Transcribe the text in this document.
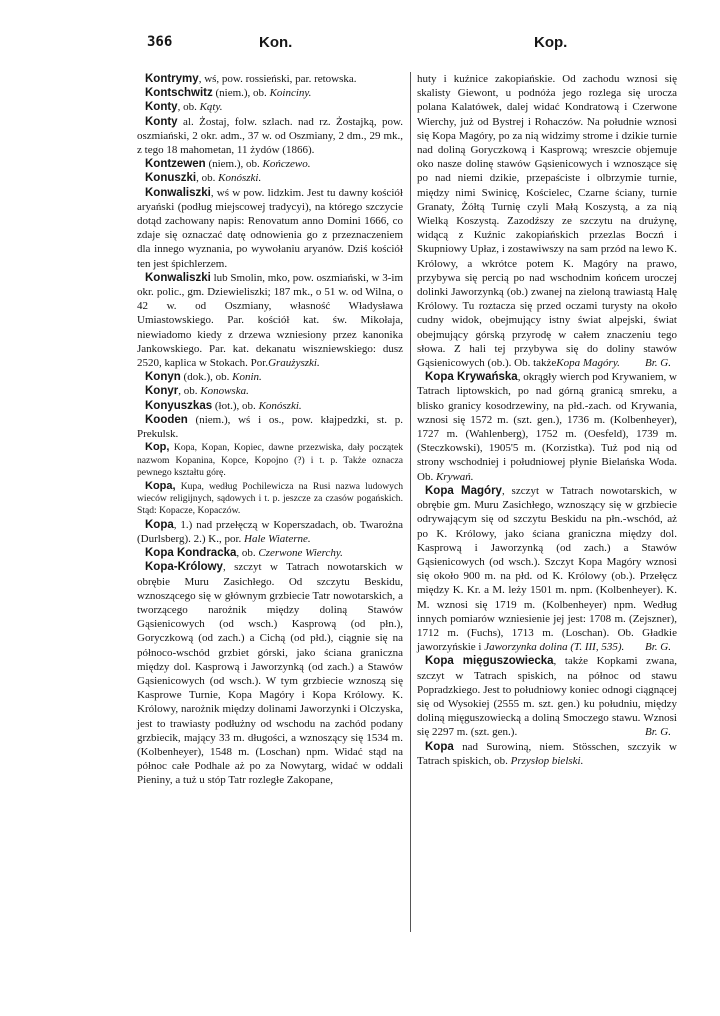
366	Kon.	Kop.

Kontrymy, wś, pow. rossieński, par. retowska.

Kontschwitz (niem.), ob. Koinciny.

Konty, ob. Kąty.

Konty al. Żostaj, folw. szlach. nad rz. Żostajką, pow. oszmiański, 2 okr. adm., 37 w. od Oszmiany, 2 dm., 29 mk., z tego 18 mahometan, 11 żydów (1866).

Kontzewen (niem.), ob. Kończewo.

Konuszki, ob. Konószki.

Konwaliszki, wś w pow. lidzkim. Jest tu dawny kościół aryański (podług miejscowej tradycyi), na którego szczycie dotąd zachowany napis: Renovatum anno Domini 1666, co zdaje się oznaczać datę odnowienia go z przeznaczeniem dla innego wyznania, po wywołaniu aryanów. Dziś kościół ten jest śpichlerzem.

Konwaliszki lub Smolin, mko, pow. oszmiański, w 3-im okr. polic., gm. Dziewieliszki; 187 mk., o 51 w. od Wilna, o 42 w. od Oszmiany, własność Władysława Umiastowskiego. Par. kościół kat. św. Mikołaja, niewiadomo kiedy z drzewa wzniesiony przez kanonika Jankowskiego. Par. kat. dekanatu wiszniewskiego: dusz 2520, kaplica w Stokach. Por.Graużyszki.

Konyn (dok.), ob. Konin.

Konyr, ob. Konowska.

Konyuszkas (łot.), ob. Konószki.

Kooden (niem.), wś i os., pow. kłajpedzki, st. p. Prekulsk.

Kop, Kopa, Kopan, Kopiec, dawne przezwiska, dały początek nazwom Kopanina, Kopce, Kopojno (?) i t. p. Także oznacza pewnego kształtu górę.

Kopa, Kupa, według Pochilewicza na Rusi nazwa ludowych wieców religijnych, sądowych i t. p. jeszcze za czasów pogańskich. Stąd: Kopacze, Kopaczów.

Kopa, 1.) nad przełęczą w Koperszadach, ob. Twarożna (Durlsberg). 2.) K., por. Hale Wiaterne.

Kopa Kondracka, ob. Czerwone Wierchy.

Kopa-Królowy, szczyt w Tatrach nowotarskich w obrębie Muru Zasichłego. Od szczytu Beskidu, wznoszącego się w głównym grzbiecie Tatr nowotarskich, a tworzącego narożnik między doliną Stawów Gąsienicowych (od wsch.) Kasprową (od płn.), Goryczkową (od zach.) a Cichą (od płd.), ciągnie się na północo-wschód grzbiet górski, jako ściana graniczna między dol. Kasprową i Jaworzynką (od zach.) a Stawów Gąsienicowych (od wsch.). W tym grzbiecie wznoszą się Kasprowe Turnie, Kopa Magóry i Kopa Królowy. K. Królowy, narożnik między dolinami Jaworzynki i Olczyska, jest to trawiasty podłużny od wschodu na zachód podany grzbiecik, mający 33 m. długości, a wznoszący się 1534 m. (Kolbenheyer), 1548 m. (Loschan) npm. Widać stąd na północ całe Podhale aż po za Nowytarg, widać w oddali Pieniny, a tuż u stóp Tatr rozległe Zakopane,

huty i kuźnice zakopiańskie. Od zachodu wznosi się skalisty Giewont, u podnóża jego rozlega się urocza polana Kalatówek, dalej widać Kondratową i Czerwone Wierchy, już od Bystrej i Rohaczów. Na południe wznosi się Kopa Magóry, po za nią widzimy strome i dzikie turnie nad doliną Goryczkową i Kasprową; wreszcie objemuje oko nasze dolinę stawów Gąsienicowych i wznoszące się po nad niemi dzikie, przepaściste i olbrzymie turnie, między nimi Swinicę, Kościelec, Czarne ściany, turnie Granaty, Żółtą Turnię czyli Małą Koszystą, a za nią Wielką Koszystą. Zazodźszy ze szczytu na drużynę, widącą z Kuźnic zakopiańskich przezlas Boczń i Skupniowy Upłaz, i zostawiwszy na sam przód na lewo K. Królowy, a wkrótce potem K. Magóry na prawo, przybywa się percią po nad wschodnim końcem uroczej dolinki Jaworzynką (ob.) zwanej na zieloną trawiastą Halę Królowy. Tu roztacza się przed oczami turysty na około cudny widok, obejmujący istny świat alpejski, świat obejmujący górską przyrodę w całem znaczeniu tego słowa. Z hali tej przybywa się do doliny stawów Gąsienicowych (ob.). Ob. takżeKopa Magóry. Br. G.

Kopa Krywańska, okrągły wierch pod Krywaniem, w Tatrach liptowskich, po nad górną granicą smreku, a blisko granicy kosodrzewiny, na płd.-zach. od Krywania, wznosi się 1572 m. (szt. gen.), 1736 m. (Kolbenheyer), 1727 m. (Wahlenberg), 1752 m. (Oesfeld), 1739 m. (Steczkowski), 1905'5 m. (Korzistka). Tuż pod nią od strony wschodniej i południowej płynie Bielańska Woda. Ob. Krywań.

Kopa Magóry, szczyt w Tatrach nowotarskich, w obrębie gm. Muru Zasichłego, wznoszący się w grzbiecie odrywającym się od szczytu Beskidu na płn.-wschód, aż po K. Królowy, jako ściana graniczna między dol. Kasprową i Jaworzynką (od zach.) a Stawów Gąsienicowych (od wsch.). Szczyt Kopa Magóry wznosi się około 900 m. na płd. od K. Królowy (ob.). Przełęcz między K. Kr. a M. leży 1501 m. npm. (Kolbenheyer). K. M. wznosi się 1719 m. (Kolbenheyer) npm. Według innych pomiarów wzniesienie jej jest: 1708 m. (Zejszner), 1712 m. (Fuchs), 1713 m. (Loschan). Ob. Gładkie jaworzyńskie i Jaworzynka dolina (T. III, 535).	Br. G.

Kopa mięguszowiecka, także Kopkami zwana, szczyt w Tatrach spiskich, na północ od stawu Popradzkiego. Jest to południowy koniec odnogi ciągnącej się od Wysokiej (2555 m. szt. gen.) ku południu, między doliną mięguszowiecką a doliną Smoczego stawu. Wznosi się 2297 m. (szt. gen.).	Br. G.

Kopa nad Surowiną, niem. Stösschen, szczyik w Tatrach spiskich, ob. Przysłop bielski.
